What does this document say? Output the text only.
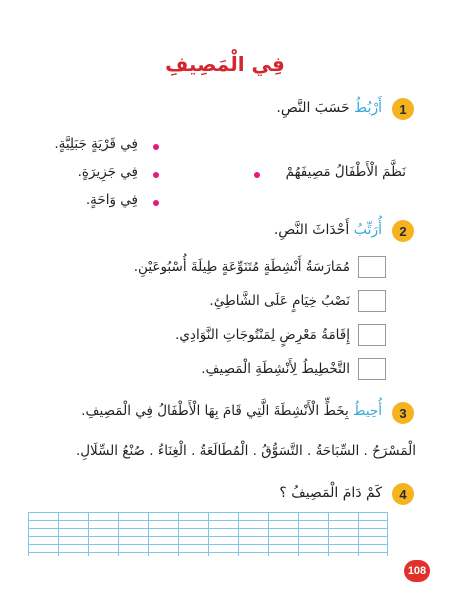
فِي الْمَصِيفِ
1
أَرْبُطُ حَسَبَ النَّصِ.
فِي قَرْيَةٍ جَبَلِيَّةٍ.
فِي جَزِيرَةٍ.
فِي وَاحَةٍ.
نَظَّمَ الْأَطْفَالُ مَصِيفَهُمْ
2
أُرَتِّبُ أَحْدَاثَ النَّصِ.
مُمَارَسَةُ أَنْشِطَةٍ مُتَنَوِّعَةٍ طِيلَةَ أُسْبُوعَيْنِ.
نَصْبُ خِيَامٍ عَلَى الشَّاطِئِ.
إِقَامَةُ مَعْرِضٍ لِمَنْتُوجَاتِ النَّوَادِي.
التَّخْطِيطُ لِأَنْشِطَةِ الْمَصِيفِ.
3
أُحِيطُ بِخَطٍّ الْأَنْشِطَةَ الَّتِي قَامَ بِهَا الْأَطْفَالُ فِي الْمَصِيفِ.
الْمَسْرَحُ . السِّبَاحَةُ . التَّسَوُّقُ . الْمُطَالَعَةُ . الْغِنَاءُ . صُنْعُ السِّلَالِ.
4
كَمْ دَامَ الْمَصِيفُ ؟
108
